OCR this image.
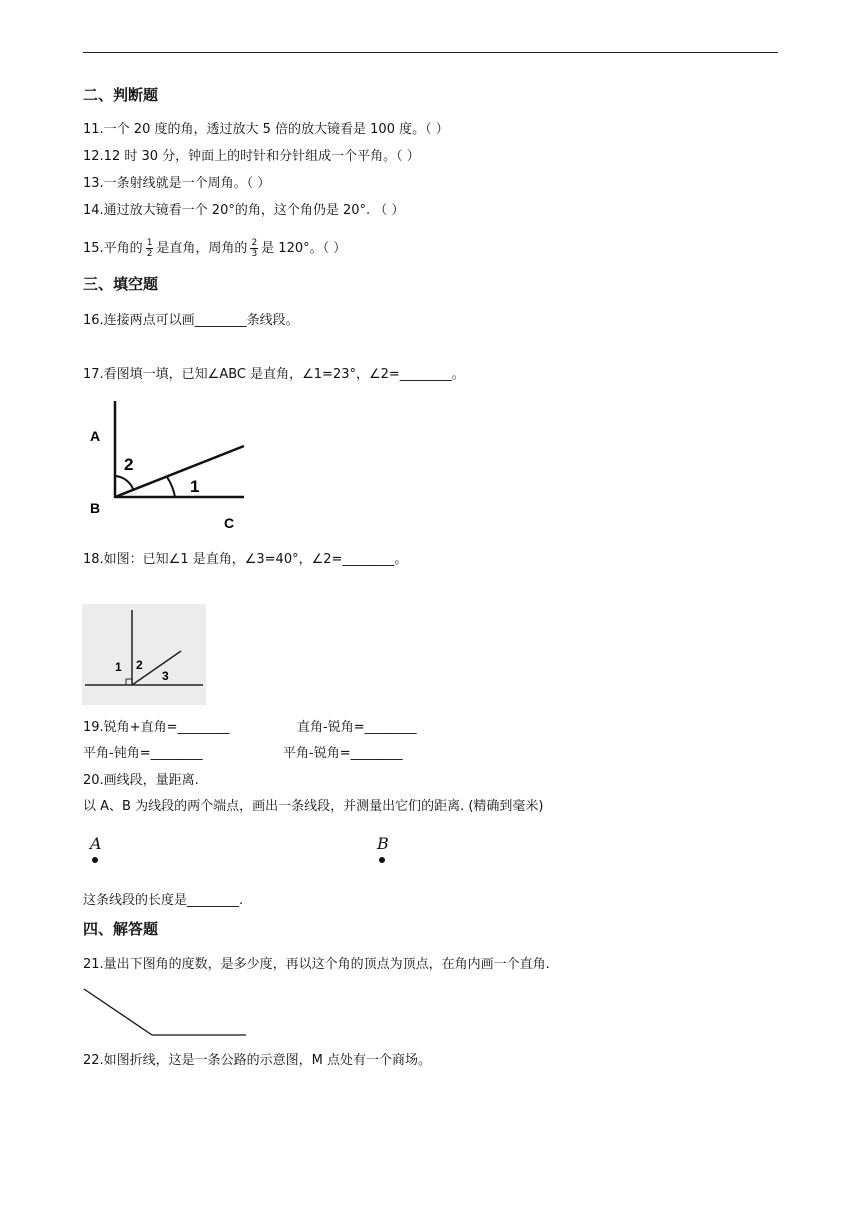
二、判断题
11.一个 20 度的角，透过放大 5 倍的放大镜看是 100 度。（ ）
12.12 时 30 分，钟面上的时针和分针组成一个平角。（ ）
13.一条射线就是一个周角。（ ）
14.通过放大镜看一个 20°的角，这个角仍是 20°. （ ）
15.平角的 $\frac{1}{2}$ 是直角，周角的 $\frac{2}{3}$ 是 120°。（ ）
三、填空题
16.连接两点可以画________条线段。
17.看图填一填，已知∠ABC 是直角，∠1=23°，∠2=________。
A
B
C
2
1
18.如图：已知∠1 是直角，∠3=40°，∠2=________。
1 2
3
19.锐角+直角=________	直角-锐角=________
平角-钝角=________	平角-锐角=________
20.画线段，量距离.
以 A、B 为线段的两个端点，画出一条线段，并测量出它们的距离. (精确到毫米)
A	B
这条线段的长度是________.
四、解答题
21.量出下图角的度数，是多少度，再以这个角的顶点为顶点，在角内画一个直角.
22.如图折线，这是一条公路的示意图，M 点处有一个商场。
